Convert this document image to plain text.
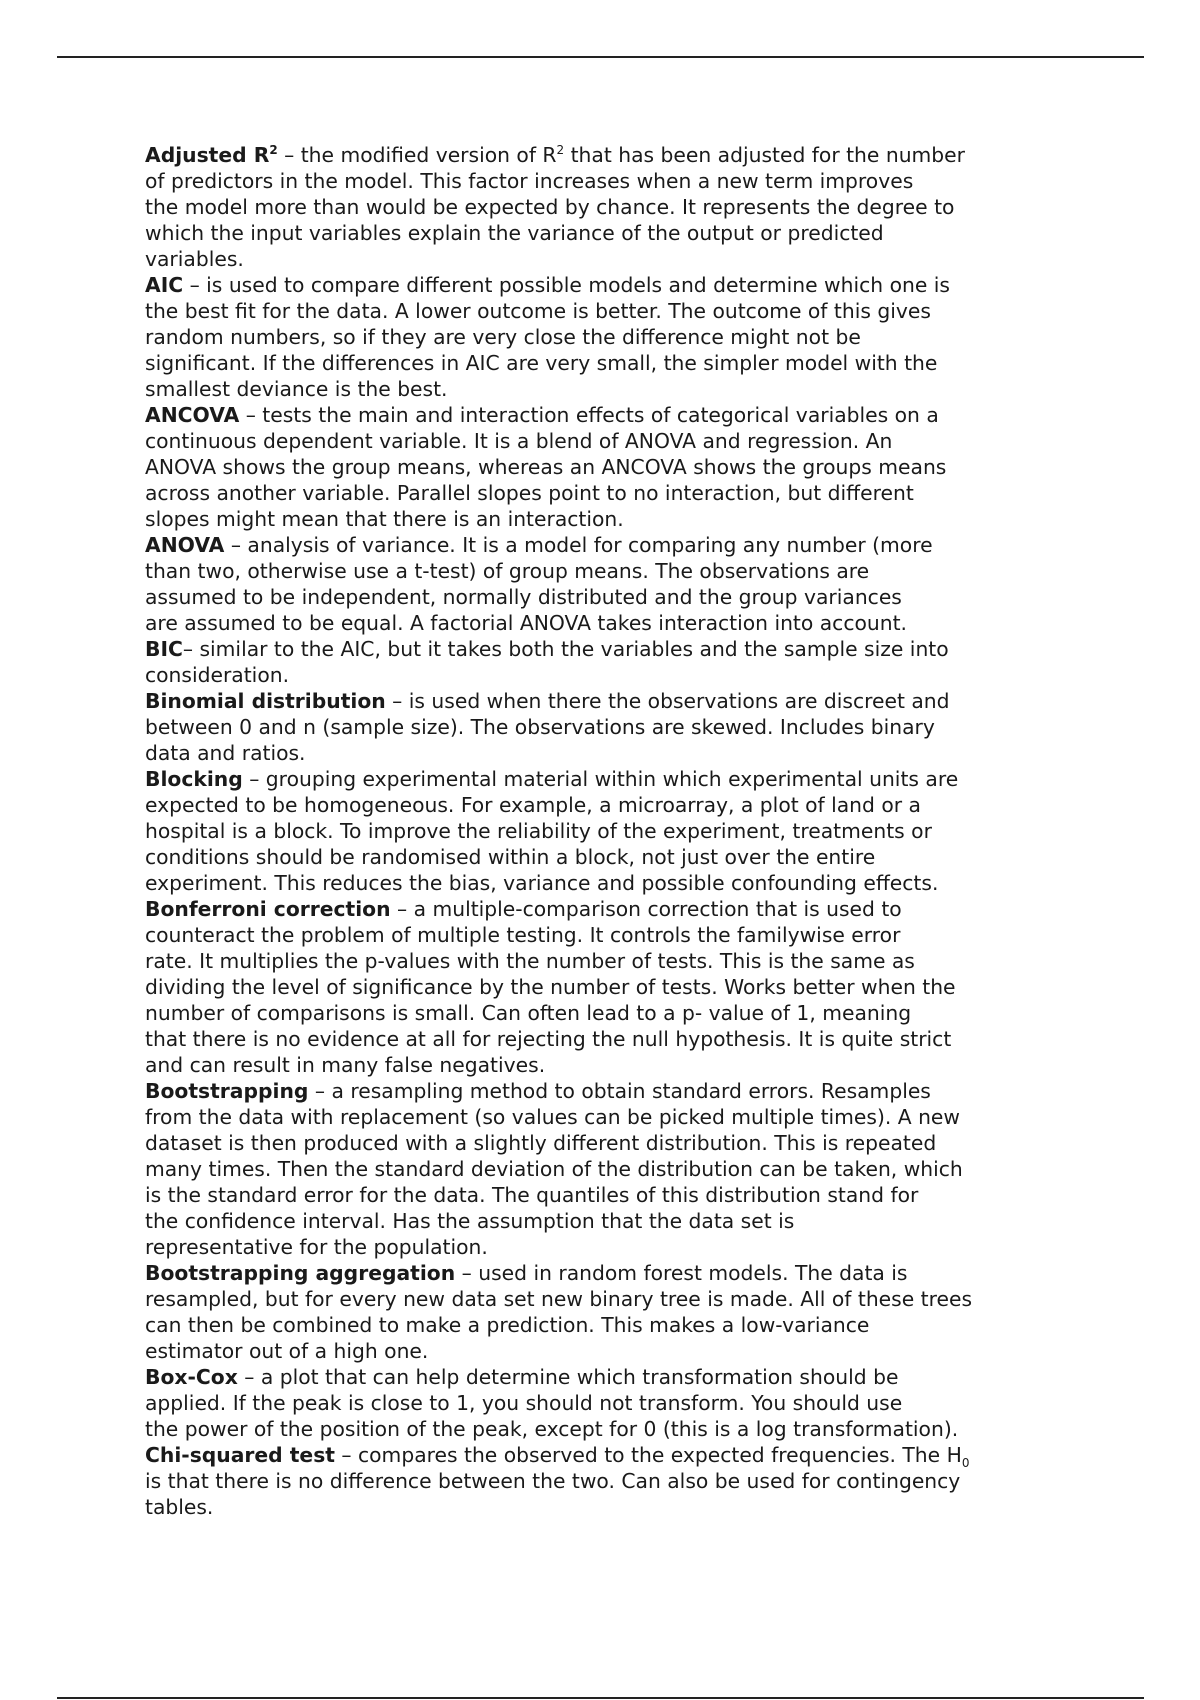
Adjusted $R^2$ – the modified version of $R^2$ that has been adjusted for the number
of predictors in the model. This factor increases when a new term improves
the model more than would be expected by chance. It represents the degree to
which the input variables explain the variance of the output or predicted
variables.

AIC – is used to compare different possible models and determine which one is
the best fit for the data. A lower outcome is better. The outcome of this gives
random numbers, so if they are very close the difference might not be
significant. If the differences in AIC are very small, the simpler model with the
smallest deviance is the best.

ANCOVA – tests the main and interaction effects of categorical variables on a
continuous dependent variable. It is a blend of ANOVA and regression. An
ANOVA shows the group means, whereas an ANCOVA shows the groups means
across another variable. Parallel slopes point to no interaction, but different
slopes might mean that there is an interaction.

ANOVA – analysis of variance. It is a model for comparing any number (more
than two, otherwise use a t-test) of group means. The observations are
assumed to be independent, normally distributed and the group variances
are assumed to be equal. A factorial ANOVA takes interaction into account.

BIC– similar to the AIC, but it takes both the variables and the sample size into
consideration.

Binomial distribution – is used when there the observations are discreet and
between 0 and n (sample size). The observations are skewed. Includes binary
data and ratios.

Blocking – grouping experimental material within which experimental units are
expected to be homogeneous. For example, a microarray, a plot of land or a
hospital is a block. To improve the reliability of the experiment, treatments or
conditions should be randomised within a block, not just over the entire
experiment. This reduces the bias, variance and possible confounding effects.

Bonferroni correction – a multiple-comparison correction that is used to
counteract the problem of multiple testing. It controls the familywise error
rate. It multiplies the p-values with the number of tests. This is the same as
dividing the level of significance by the number of tests. Works better when the
number of comparisons is small. Can often lead to a p- value of 1, meaning
that there is no evidence at all for rejecting the null hypothesis. It is quite strict
and can result in many false negatives.

Bootstrapping – a resampling method to obtain standard errors. Resamples
from the data with replacement (so values can be picked multiple times). A new
dataset is then produced with a slightly different distribution. This is repeated
many times. Then the standard deviation of the distribution can be taken, which
is the standard error for the data. The quantiles of this distribution stand for
the confidence interval. Has the assumption that the data set is
representative for the population.

Bootstrapping aggregation – used in random forest models. The data is
resampled, but for every new data set new binary tree is made. All of these trees
can then be combined to make a prediction. This makes a low-variance
estimator out of a high one.

Box-Cox – a plot that can help determine which transformation should be
applied. If the peak is close to 1, you should not transform. You should use
the power of the position of the peak, except for 0 (this is a log transformation).

Chi-squared test – compares the observed to the expected frequencies. The $H_0$
is that there is no difference between the two. Can also be used for contingency
tables.
